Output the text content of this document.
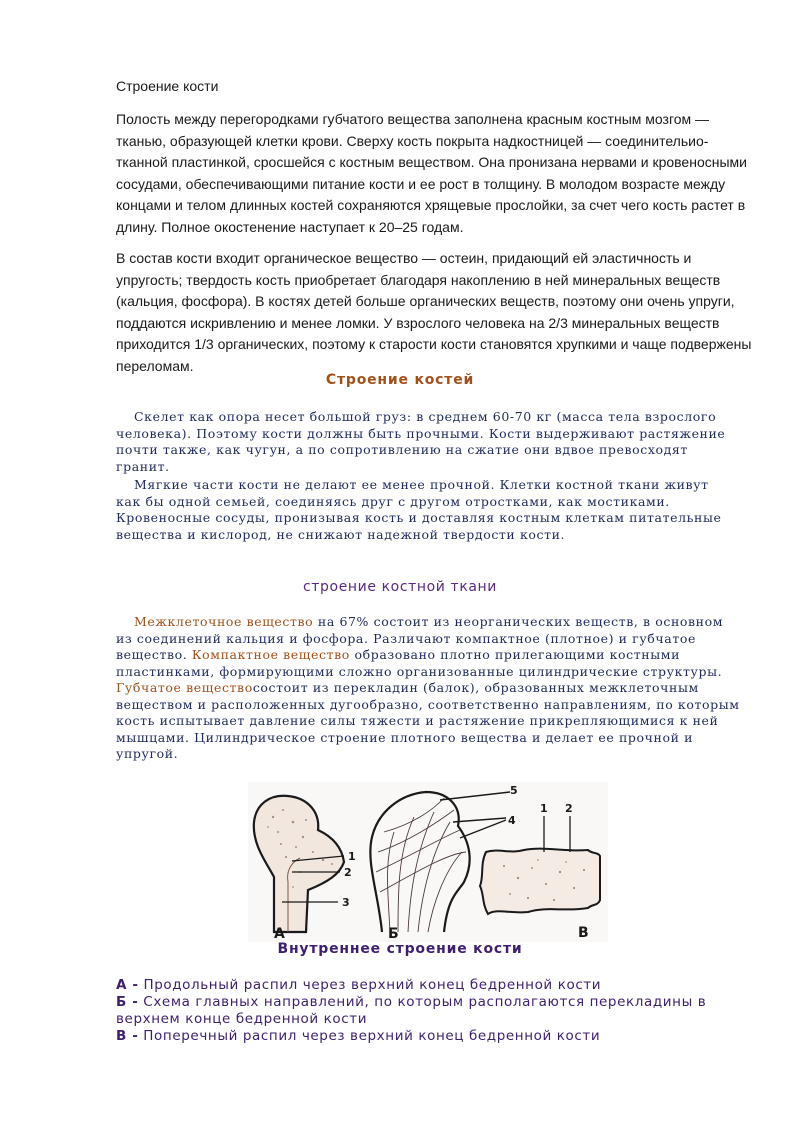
Строение кости
Полость между перегородками губчатого вещества заполнена красным костным мозгом — тканью, образующей клетки крови. Сверху кость покрыта надкостницей — соединительио-тканной пластинкой, сросшейся с костным веществом. Она пронизана нервами и кровеносными сосудами, обеспечивающими питание кости и ее рост в толщину. В молодом возрасте между концами и телом длинных костей сохраняются хрящевые прослойки, за счет чего кость растет в длину. Полное окостенение наступает к 20–25 годам.
В состав кости входит органическое вещество — остеин, придающий ей эластичность и упругость; твердость кость приобретает благодаря накоплению в ней минеральных веществ (кальция, фосфора). В костях детей больше органических веществ, поэтому они очень упруги, поддаются искривлению и менее ломки. У взрослого человека на 2/3 минеральных веществ приходится 1/3 органических, поэтому к старости кости становятся хрупкими и чаще подвержены переломам.
Строение костей
Скелет как опора несет большой груз: в среднем 60-70 кг (масса тела взрослого человека). Поэтому кости должны быть прочными. Кости выдерживают растяжение почти также, как чугун, а по сопротивлению на сжатие они вдвое превосходят гранит.
Мягкие части кости не делают ее менее прочной. Клетки костной ткани живут как бы одной семьей, соединяясь друг с другом отростками, как мостиками. Кровеносные сосуды, пронизывая кость и доставляя костным клеткам питательные вещества и кислород, не снижают надежной твердости кости.
строение костной ткани
Межклеточное вещество на 67% состоит из неорганических веществ, в основном из соединений кальция и фосфора. Различают компактное (плотное) и губчатое вещество. Компактное вещество образовано плотно прилегающими костными пластинками, формирующими сложно организованные цилиндрические структуры. Губчатое веществосостоит из перекладин (балок), образованных межклеточным веществом и расположенных дугообразно, соответственно направлениям, по которым кость испытывает давление силы тяжести и растяжение прикрепляющимися к ней мышцами. Цилиндрическое строение плотного вещества и делает ее прочной и упругой.
1
2
3
А
5
4
Б
1 2
В
Внутреннее строение кости
А - Продольный распил через верхний конец бедренной кости
Б - Схема главных направлений, по которым располагаются перекладины в верхнем конце бедренной кости
В - Поперечный распил через верхний конец бедренной кости
